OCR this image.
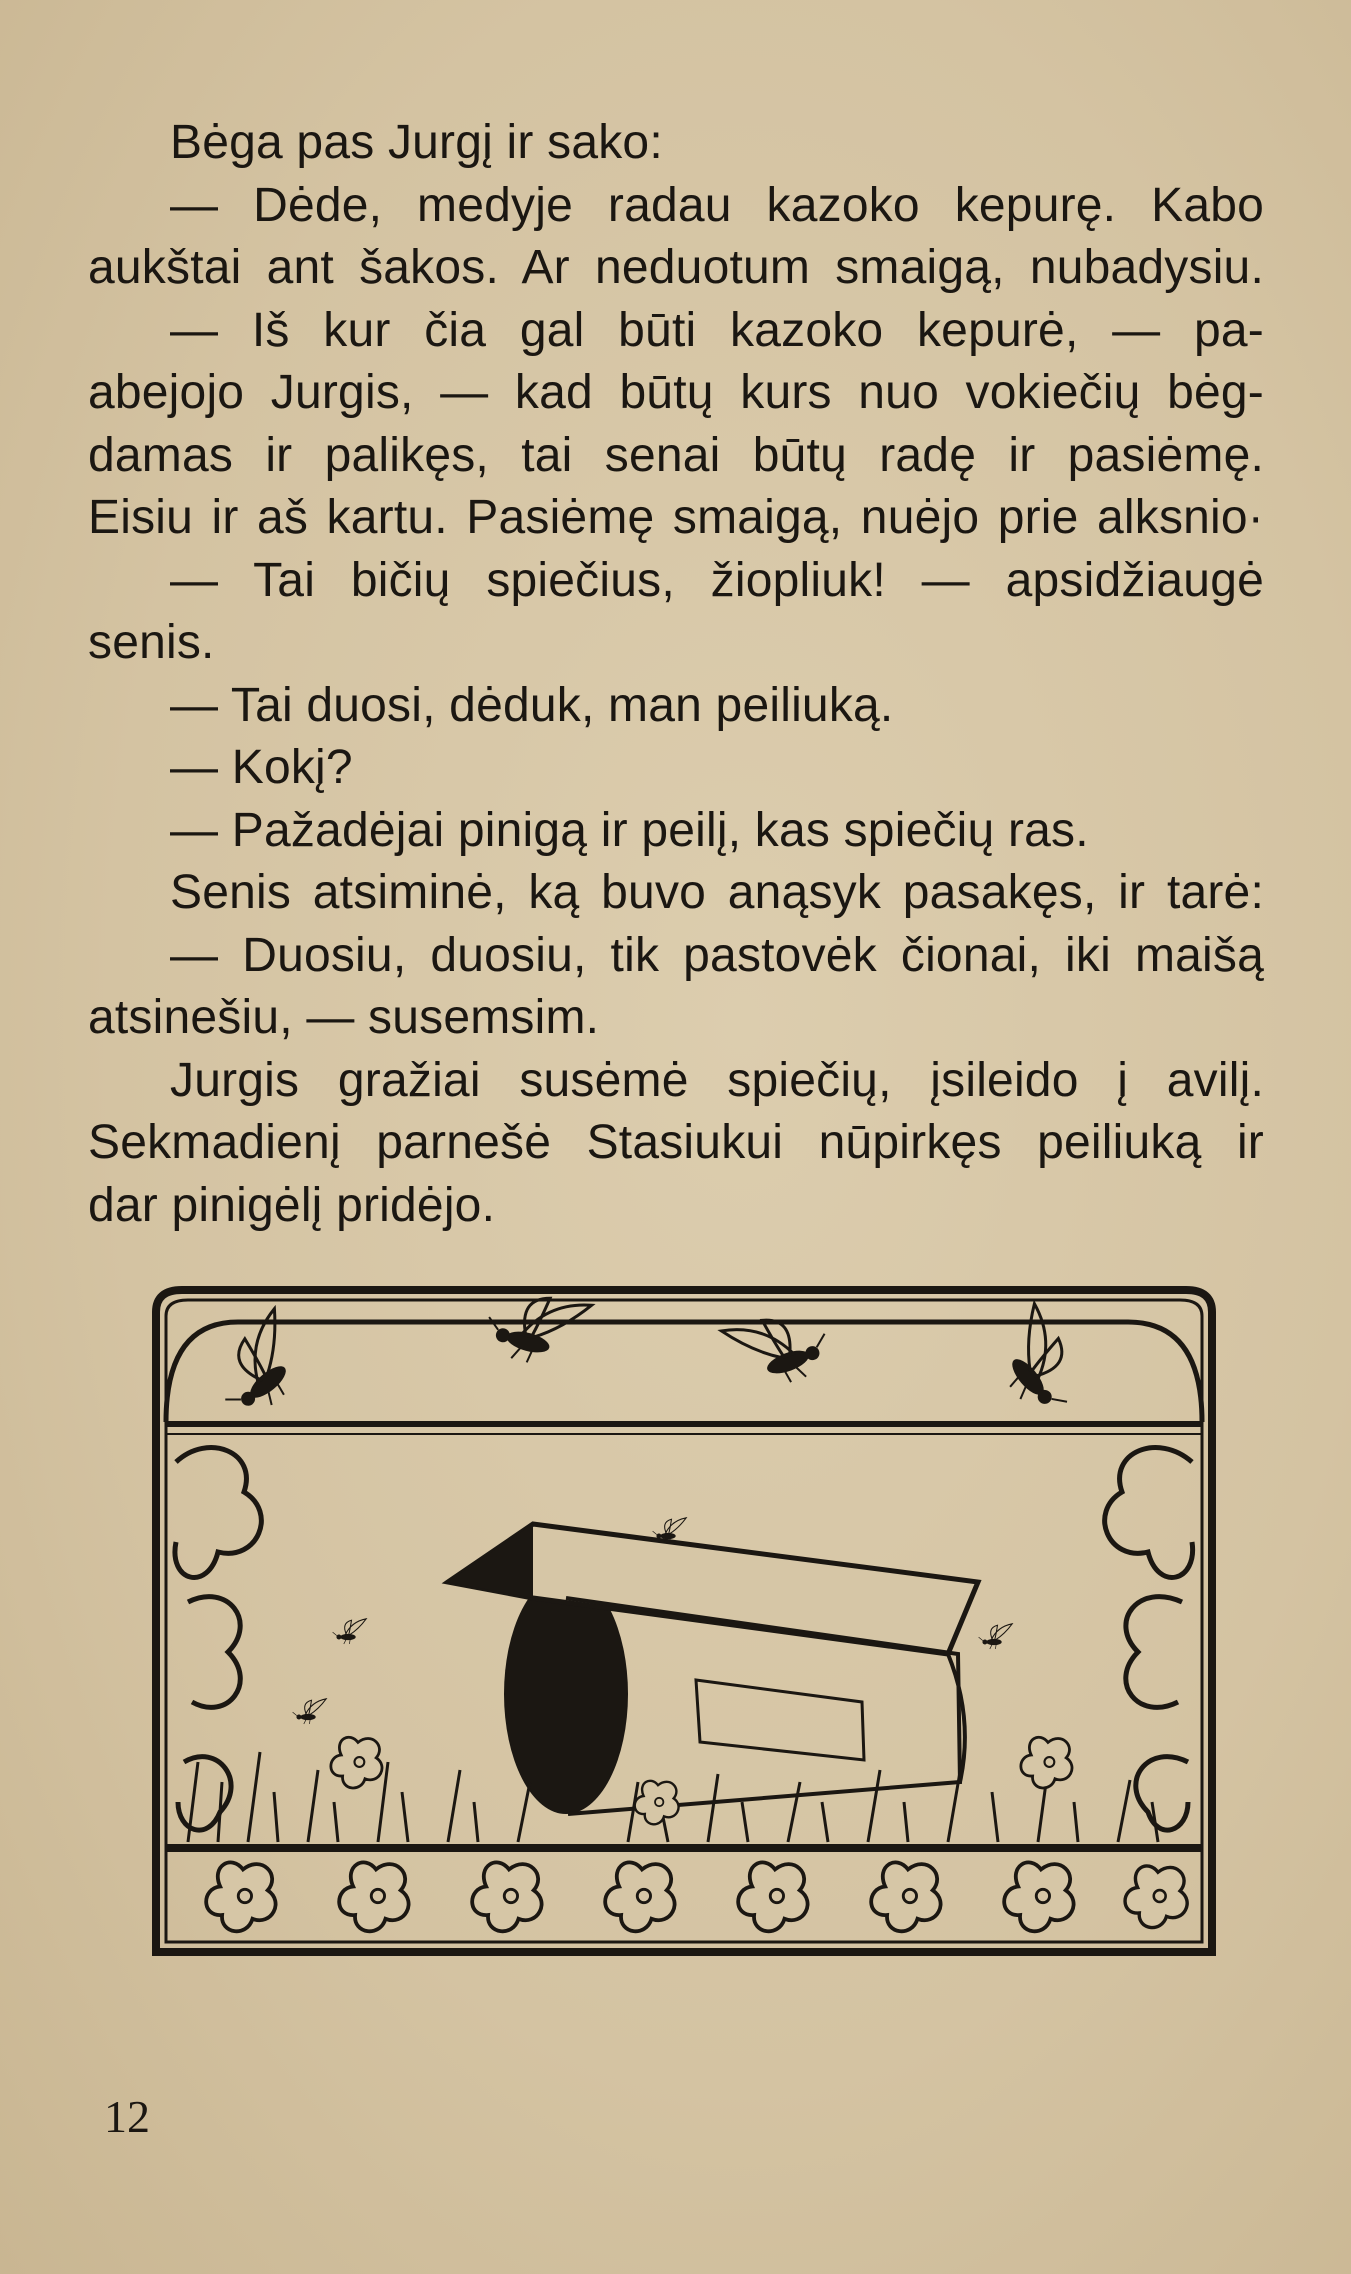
Bėga pas Jurgį ir sako:
— Dėde, medyje radau kazoko kepurę. Kabo
aukštai ant šakos. Ar neduotum smaigą, nubadysiu.
— Iš kur čia gal būti kazoko kepurė, — pa-
abejojo Jurgis, — kad būtų kurs nuo vokiečių bėg-
damas ir palikęs, tai senai būtų radę ir pasiėmę.
Eisiu ir aš kartu. Pasiėmę smaigą, nuėjo prie alksnio·
— Tai bičių spiečius, žiopliuk! — apsidžiaugė
senis.
— Tai duosi, dėduk, man peiliuką.
— Kokį?
— Pažadėjai pinigą ir peilį, kas spiečių ras.
Senis atsiminė, ką buvo anąsyk pasakęs, ir tarė:
— Duosiu, duosiu, tik pastovėk čionai, iki maišą
atsinešiu, — susemsim.
Jurgis gražiai susėmė spiečių, įsileido į avilį.
Sekmadienį parnešė Stasiukui nūpirkęs peiliuką ir
dar pinigėlį pridėjo.
12
